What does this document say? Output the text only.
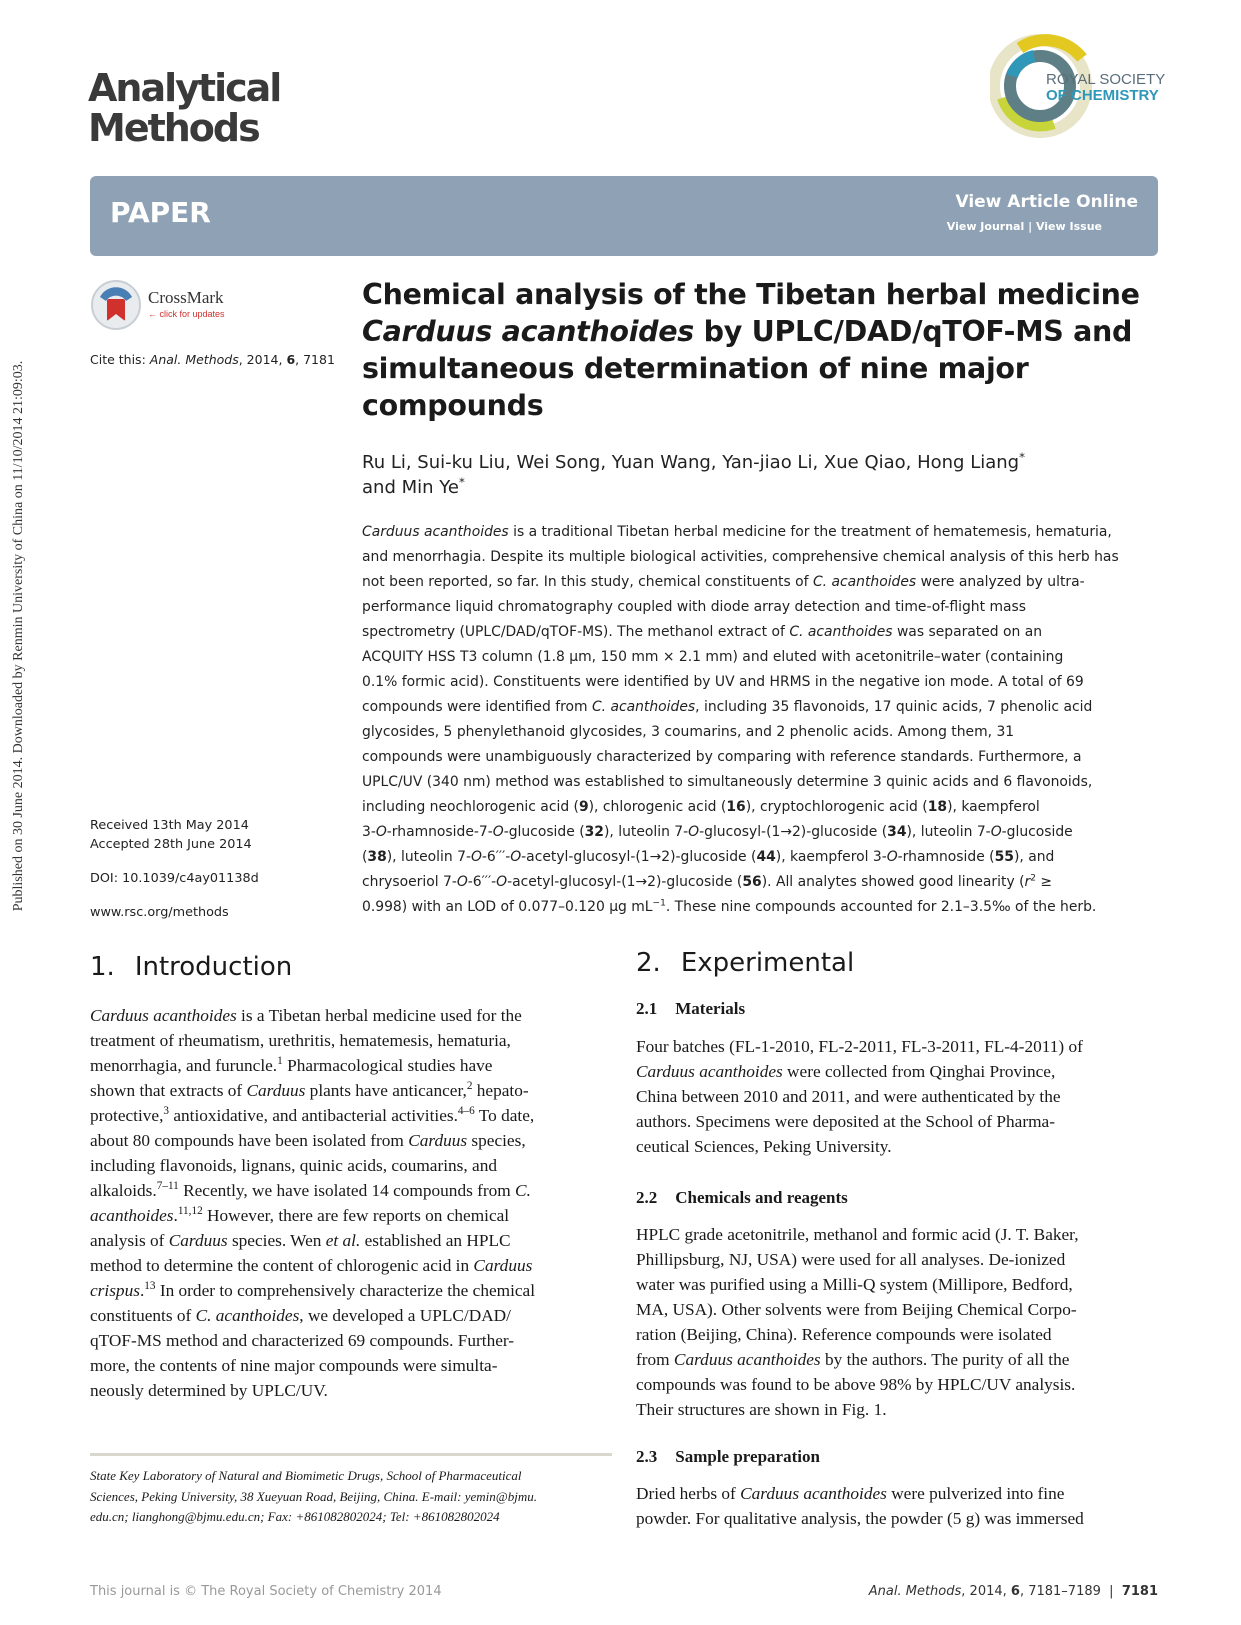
Published on 30 June 2014. Downloaded by Renmin University of China on 11/10/2014 21:09:03.
Analytical
Methods
ROYAL SOCIETY
OF CHEMISTRY
PAPER	View Article Online
View Journal | View Issue
CrossMark
← click for updates
Cite this: Anal. Methods, 2014, 6, 7181
Chemical analysis of the Tibetan herbal medicine
Carduus acanthoides by UPLC/DAD/qTOF-MS and
simultaneous determination of nine major
compounds
Ru Li, Sui-ku Liu, Wei Song, Yuan Wang, Yan-jiao Li, Xue Qiao, Hong Liang*
and Min Ye*
Carduus acanthoides is a traditional Tibetan herbal medicine for the treatment of hematemesis, hematuria,
and menorrhagia. Despite its multiple biological activities, comprehensive chemical analysis of this herb has
not been reported, so far. In this study, chemical constituents of C. acanthoides were analyzed by ultra-
performance liquid chromatography coupled with diode array detection and time-of-flight mass
spectrometry (UPLC/DAD/qTOF-MS). The methanol extract of C. acanthoides was separated on an
ACQUITY HSS T3 column (1.8 μm, 150 mm × 2.1 mm) and eluted with acetonitrile–water (containing
0.1% formic acid). Constituents were identified by UV and HRMS in the negative ion mode. A total of 69
compounds were identified from C. acanthoides, including 35 flavonoids, 17 quinic acids, 7 phenolic acid
glycosides, 5 phenylethanoid glycosides, 3 coumarins, and 2 phenolic acids. Among them, 31
compounds were unambiguously characterized by comparing with reference standards. Furthermore, a
UPLC/UV (340 nm) method was established to simultaneously determine 3 quinic acids and 6 flavonoids,
including neochlorogenic acid (9), chlorogenic acid (16), cryptochlorogenic acid (18), kaempferol
3-O-rhamnoside-7-O-glucoside (32), luteolin 7-O-glucosyl-(1→2)-glucoside (34), luteolin 7-O-glucoside
(38), luteolin 7-O-6′′′-O-acetyl-glucosyl-(1→2)-glucoside (44), kaempferol 3-O-rhamnoside (55), and
chrysoeriol 7-O-6′′′-O-acetyl-glucosyl-(1→2)-glucoside (56). All analytes showed good linearity ($r^2$ ≥
0.998) with an LOD of 0.077–0.120 μg $mL^{-1}$. These nine compounds accounted for 2.1–3.5‰ of the herb.
Received 13th May 2014
Accepted 28th June 2014
DOI: 10.1039/c4ay01138d
www.rsc.org/methods
1. Introduction
Carduus acanthoides is a Tibetan herbal medicine used for the
treatment of rheumatism, urethritis, hematemesis, hematuria,
menorrhagia, and furuncle.$^1$ Pharmacological studies have
shown that extracts of Carduus plants have anticancer,$^2$ hepato-
protective,$^3$ antioxidative, and antibacterial activities.$^{4-6}$ To date,
about 80 compounds have been isolated from Carduus species,
including flavonoids, lignans, quinic acids, coumarins, and
alkaloids.$^{7-11}$ Recently, we have isolated 14 compounds from C.
acanthoides.$^{11,12}$ However, there are few reports on chemical
analysis of Carduus species. Wen et al. established an HPLC
method to determine the content of chlorogenic acid in Carduus
crispus.$^{13}$ In order to comprehensively characterize the chemical
constituents of C. acanthoides, we developed a UPLC/DAD/
qTOF-MS method and characterized 69 compounds. Further-
more, the contents of nine major compounds were simulta-
neously determined by UPLC/UV.
State Key Laboratory of Natural and Biomimetic Drugs, School of Pharmaceutical
Sciences, Peking University, 38 Xueyuan Road, Beijing, China. E-mail: yemin@bjmu.
edu.cn; lianghong@bjmu.edu.cn; Fax: +861082802024; Tel: +861082802024
2. Experimental
2.1 Materials
Four batches (FL-1-2010, FL-2-2011, FL-3-2011, FL-4-2011) of
Carduus acanthoides were collected from Qinghai Province,
China between 2010 and 2011, and were authenticated by the
authors. Specimens were deposited at the School of Pharma-
ceutical Sciences, Peking University.
2.2 Chemicals and reagents
HPLC grade acetonitrile, methanol and formic acid (J. T. Baker,
Phillipsburg, NJ, USA) were used for all analyses. De-ionized
water was purified using a Milli-Q system (Millipore, Bedford,
MA, USA). Other solvents were from Beijing Chemical Corpo-
ration (Beijing, China). Reference compounds were isolated
from Carduus acanthoides by the authors. The purity of all the
compounds was found to be above 98% by HPLC/UV analysis.
Their structures are shown in Fig. 1.
2.3 Sample preparation
Dried herbs of Carduus acanthoides were pulverized into fine
powder. For qualitative analysis, the powder (5 g) was immersed
This journal is © The Royal Society of Chemistry 2014	Anal. Methods, 2014, 6, 7181–7189 | 7181
